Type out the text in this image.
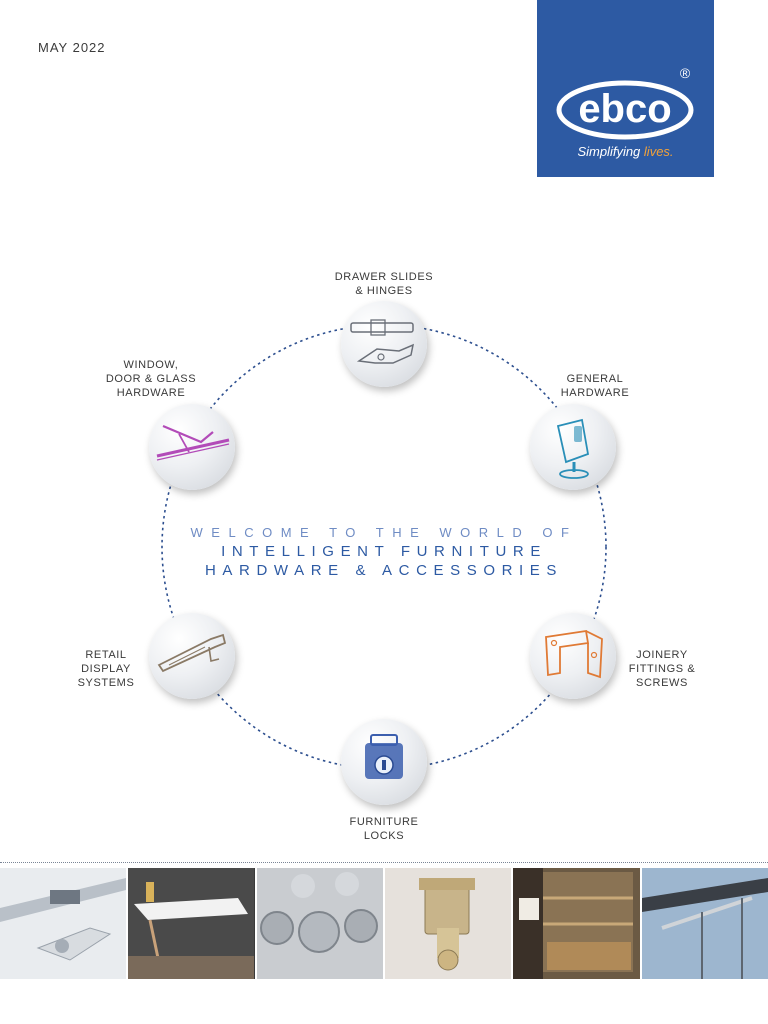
MAY 2022
ebco
®
Simplifying lives.
WELCOME TO THE WORLD OF
INTELLIGENT FURNITURE
HARDWARE & ACCESSORIES
DRAWER SLIDES
& HINGES
GENERAL
HARDWARE
JOINERY
FITTINGS &
SCREWS
FURNITURE
LOCKS
RETAIL
DISPLAY
SYSTEMS
WINDOW,
DOOR & GLASS
HARDWARE
